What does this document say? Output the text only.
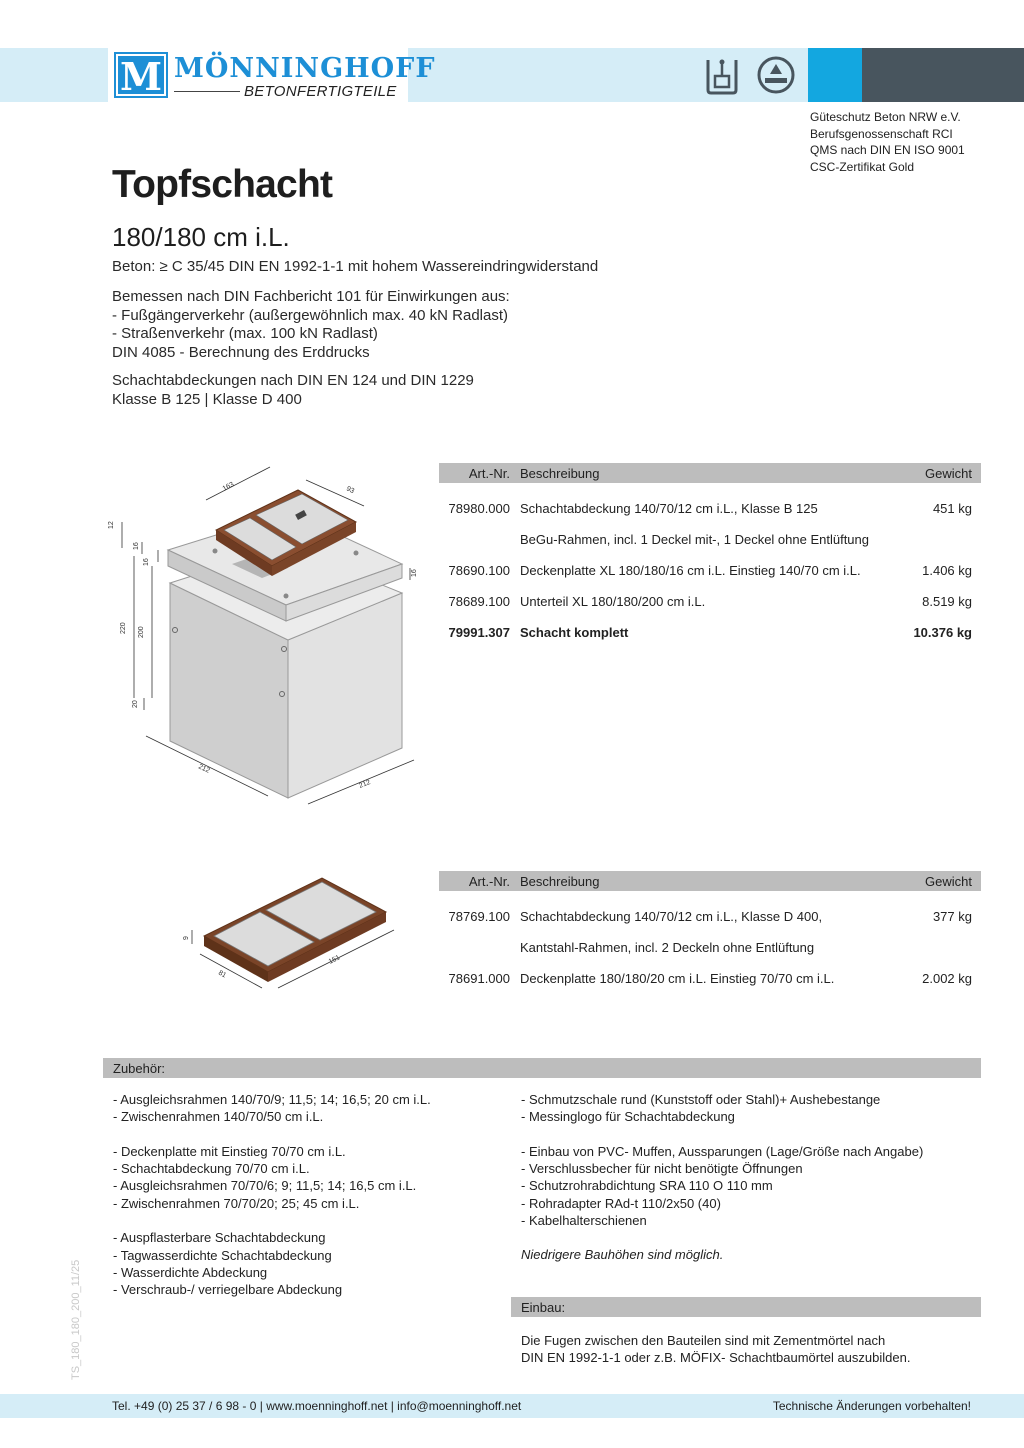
M MÖNNINGHOFF
BETONFERTIGTEILE
Güteschutz Beton NRW e.V.
Berufsgenossenschaft RCI
QMS nach DIN EN ISO 9001
CSC-Zertifikat Gold
Topfschacht
180/180 cm i.L.
Beton: ≥ C 35/45 DIN EN 1992-1-1 mit hohem Wassereindringwiderstand
Bemessen nach DIN Fachbericht 101 für Einwirkungen aus:
- Fußgängerverkehr (außergewöhnlich max. 40 kN Radlast)
- Straßenverkehr (max. 100 kN Radlast)
DIN 4085 - Berechnung des Erddrucks
Schachtabdeckungen nach DIN EN 124 und DIN 1229
Klasse B 125 | Klasse D 400
163	93
12
16
16
16
220 200
20
212
212
Art.-Nr. Beschreibung	Gewicht
78980.000 Schachtabdeckung 140/70/12 cm i.L., Klasse B 125	451 kg
BeGu-Rahmen, incl. 1 Deckel mit-, 1 Deckel ohne Entlüftung
78690.100 Deckenplatte XL 180/180/16 cm i.L. Einstieg 140/70 cm i.L.	1.406 kg
78689.100 Unterteil XL 180/180/200 cm i.L.	8.519 kg
79991.307 Schacht komplett	10.376 kg
9
81
151
Art.-Nr. Beschreibung	Gewicht
78769.100 Schachtabdeckung 140/70/12 cm i.L., Klasse D 400,	377 kg
Kantstahl-Rahmen, incl. 2 Deckeln ohne Entlüftung
78691.000 Deckenplatte 180/180/20 cm i.L. Einstieg 70/70 cm i.L.	2.002 kg
Zubehör:

- Ausgleichsrahmen 140/70/9; 11,5; 14; 16,5; 20 cm i.L.

- Zwischenrahmen 140/70/50 cm i.L.

- Deckenplatte mit Einstieg 70/70 cm i.L.

- Schachtabdeckung 70/70 cm i.L.

- Ausgleichsrahmen 70/70/6; 9; 11,5; 14; 16,5 cm i.L.

- Zwischenrahmen 70/70/20; 25; 45 cm i.L.

- Auspflasterbare Schachtabdeckung

- Tagwasserdichte Schachtabdeckung

- Wasserdichte Abdeckung

- Verschraub-/ verriegelbare Abdeckung

- Schmutzschale rund (Kunststoff oder Stahl)+ Aushebestange

- Messinglogo für Schachtabdeckung

- Einbau von PVC- Muffen, Aussparungen (Lage/Größe nach Angabe)

- Verschlussbecher für nicht benötigte Öffnungen

- Schutzrohrabdichtung SRA 110 O 110 mm

- Rohradapter RAd-t 110/2x50 (40)

- Kabelhalterschienen

Niedrigere Bauhöhen sind möglich.

Einbau:

Die Fugen zwischen den Bauteilen sind mit Zementmörtel nach

DIN EN 1992-1-1 oder z.B. MÖFIX- Schachtbaumörtel auszubilden.

TS_180_180_200_11/25
Tel. +49 (0) 25 37 / 6 98 - 0 | www.moenninghoff.net | info@moenninghoff.net	Technische Änderungen vorbehalten!
